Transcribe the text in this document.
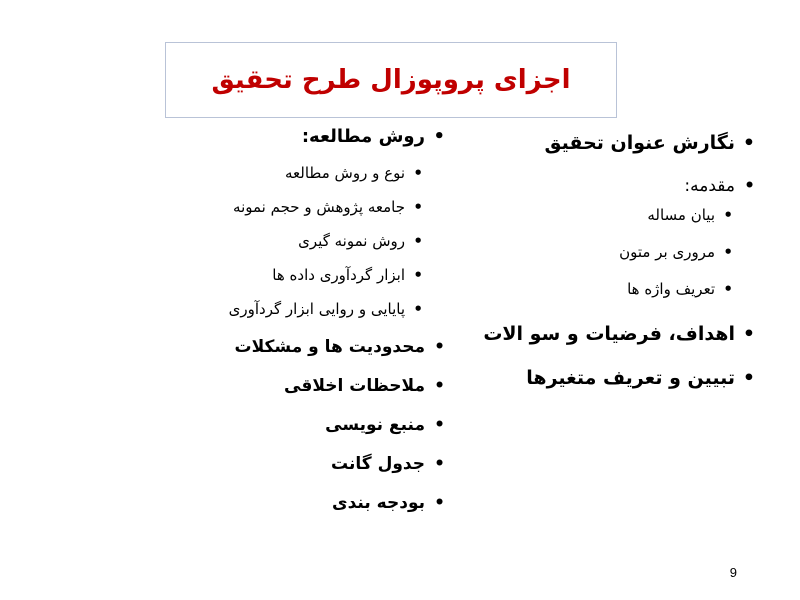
اجزای پروپوزال طرح تحقیق
• نگارش عنوان تحقیق
• مقدمه:
• بیان مساله
• مروری بر متون
• تعریف واژه ها
• اهداف، فرضیات و سو الات
• تبیین و تعریف متغیرها
• روش مطالعه:
• نوع و روش مطالعه
• جامعه پژوهش و حجم نمونه
• روش نمونه گیری
• ابزار گردآوری داده ها
• پایایی و روایی ابزار گردآوری
• محدودیت ها و مشکلات
• ملاحظات اخلاقی
• منبع نویسی
• جدول گانت
• بودجه بندی
9
